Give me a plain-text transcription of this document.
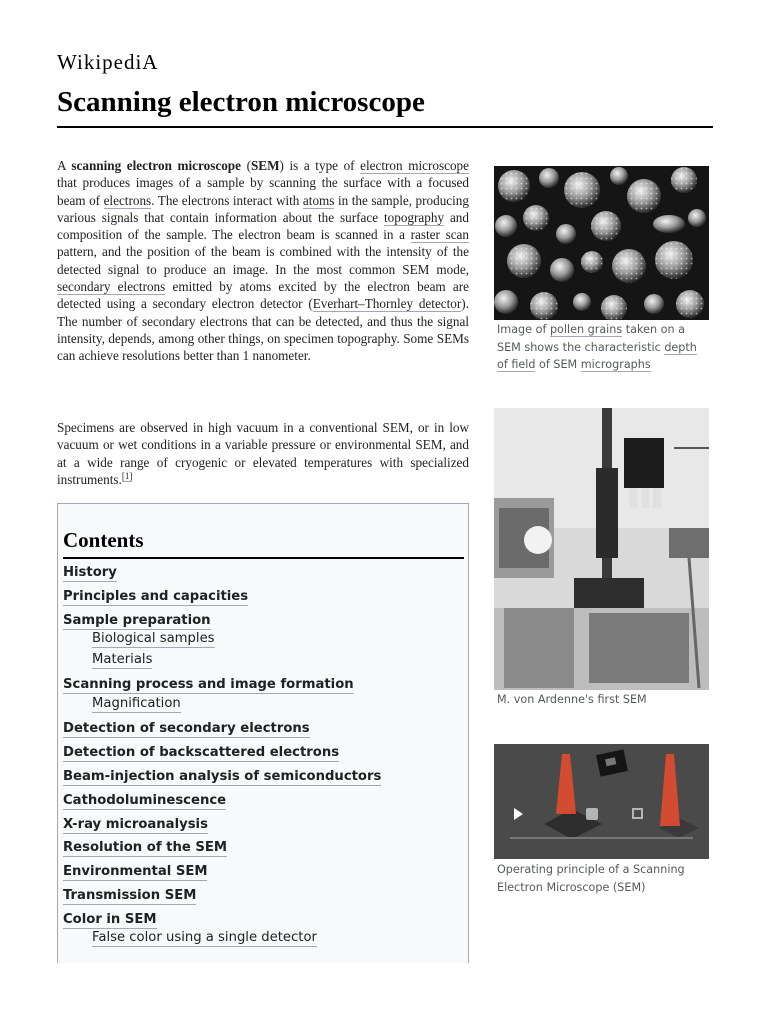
WikipediA
Scanning electron microscope

A scanning electron microscope (SEM) is a type of electron microscope that produces images of a sample by scanning the surface with a focused beam of electrons. The electrons interact with atoms in the sample, producing various signals that contain information about the surface topography and composition of the sample. The electron beam is scanned in a raster scan pattern, and the position of the beam is combined with the intensity of the detected signal to produce an image. In the most common SEM mode, secondary electrons emitted by atoms excited by the electron beam are detected using a secondary electron detector (Everhart–Thornley detector). The number of secondary electrons that can be detected, and thus the signal intensity, depends, among other things, on specimen topography. Some SEMs can achieve resolutions better than 1 nanometer.

Specimens are observed in high vacuum in a conventional SEM, or in low vacuum or wet conditions in a variable pressure or environmental SEM, and at a wide range of cryogenic or elevated temperatures with specialized instruments.[1]

Contents
History
Principles and capacities
Sample preparation
Biological samples
Materials
Scanning process and image formation
Magnification
Detection of secondary electrons
Detection of backscattered electrons
Beam-injection analysis of semiconductors
Cathodoluminescence
X-ray microanalysis
Resolution of the SEM
Environmental SEM
Transmission SEM
Color in SEM
False color using a single detector
Image of pollen grains taken on a SEM shows the characteristic depth of field of SEM micrographs
M. von Ardenne's first SEM
Operating principle of a Scanning Electron Microscope (SEM)
